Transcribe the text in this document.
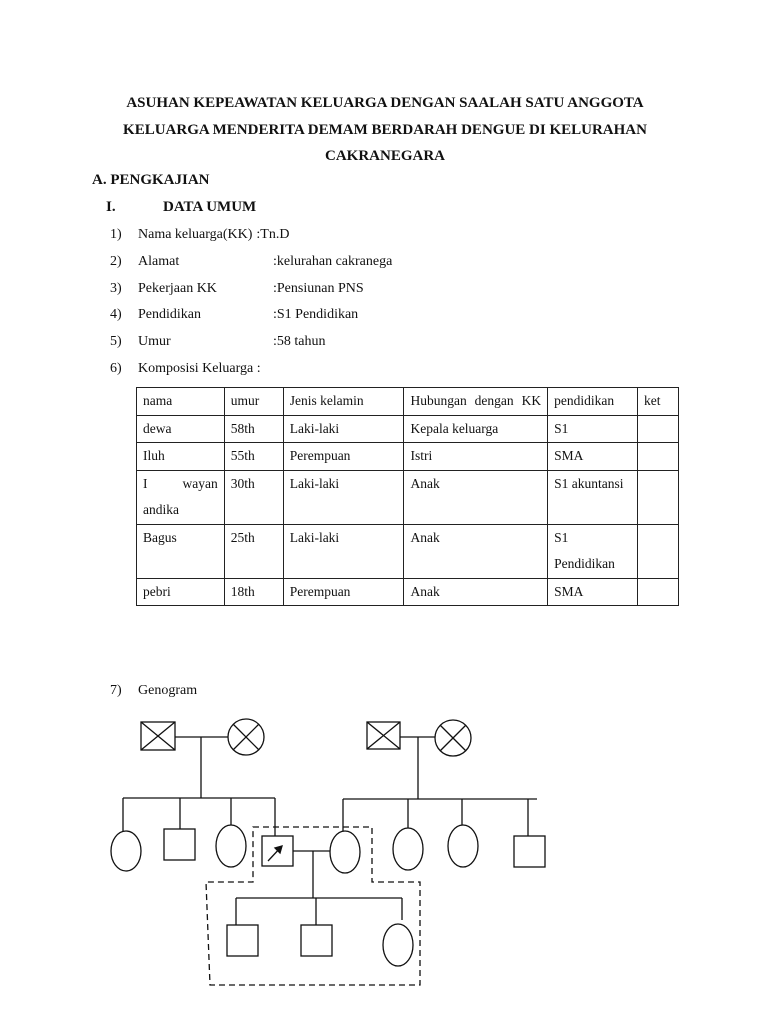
ASUHAN KEPEAWATAN KELUARGA DENGAN SAALAH SATU ANGGOTA
KELUARGA MENDERITA DEMAM BERDARAH DENGUE DI KELURAHAN
CAKRANEGARA
A. PENGKAJIAN
I.	DATA UMUM
1) Nama keluarga(KK) :Tn.D
2) Alamat	:kelurahan cakranega
3) Pekerjaan KK	:Pensiunan PNS
4) Pendidikan	:S1 Pendidikan
5) Umur	:58 tahun
6) Komposisi Keluarga :
nama	umur	Jenis kelamin	Hubungan dengan KK	pendidikan	ket
dewa	58th	Laki-laki	Kepala keluarga	S1	
Iluh	55th	Perempuan	Istri	SMA	
I wayan andika	30th	Laki-laki	Anak	S1 akuntansi	
Bagus	25th	Laki-laki	Anak	S1 Pendidikan	
pebri	18th	Perempuan	Anak	SMA	
7) Genogram
